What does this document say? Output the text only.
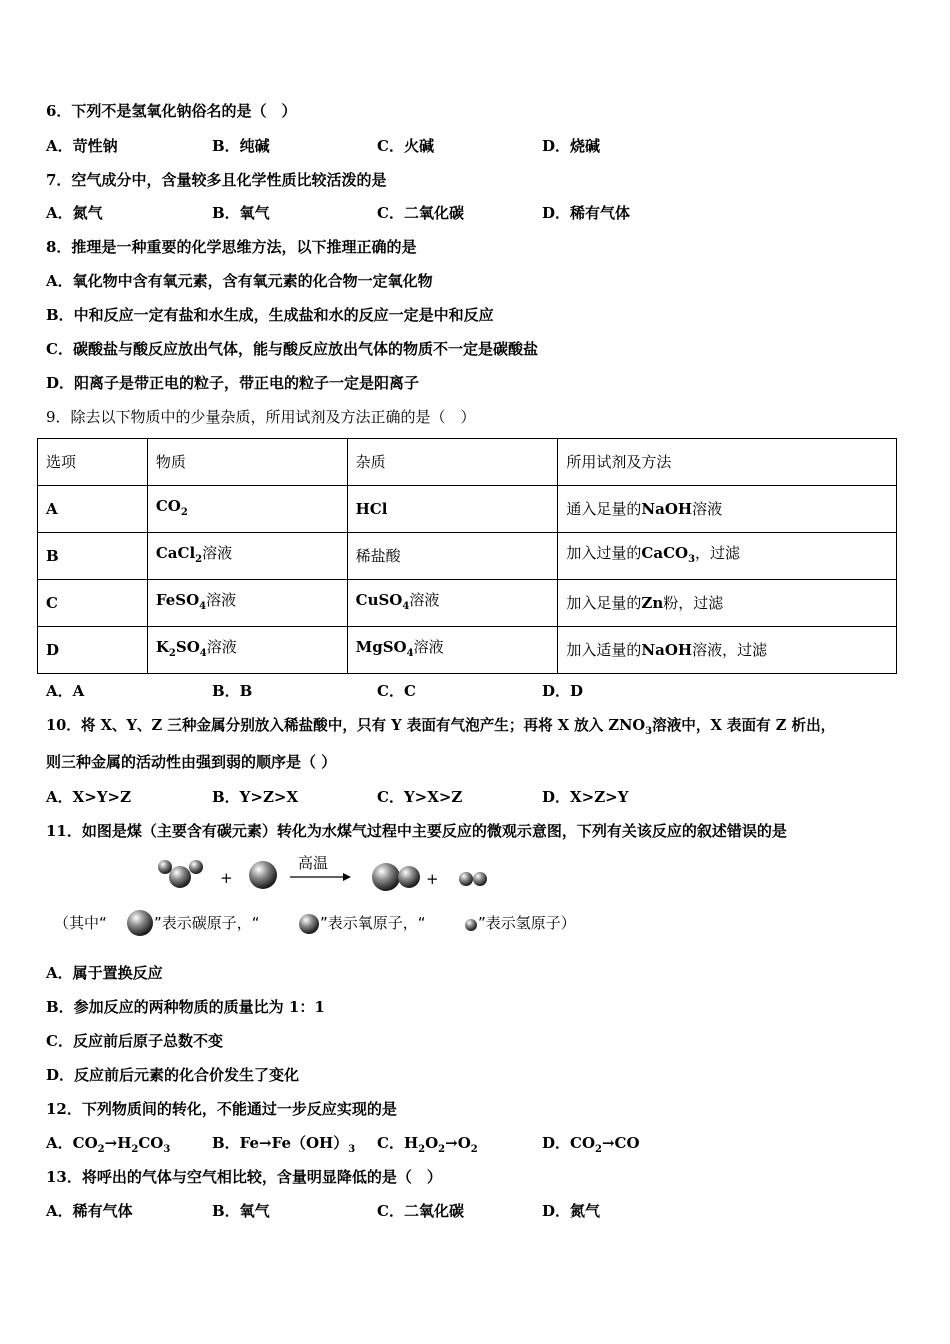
6．下列不是氢氧化钠俗名的是（　）
A．苛性钠	B．纯碱	C．火碱	D．烧碱
7．空气成分中，含量较多且化学性质比较活泼的是
A．氮气	B．氧气	C．二氧化碳	D．稀有气体
8．推理是一种重要的化学思维方法，以下推理正确的是
A．氧化物中含有氧元素，含有氧元素的化合物一定氧化物
B．中和反应一定有盐和水生成，生成盐和水的反应一定是中和反应
C．碳酸盐与酸反应放出气体，能与酸反应放出气体的物质不一定是碳酸盐
D．阳离子是带正电的粒子，带正电的粒子一定是阳离子
9．除去以下物质中的少量杂质，所用试剂及方法正确的是（　）
选项	物质	杂质	所用试剂及方法
A	$CO_2$	HCl	通入足量的NaOH溶液
B	CaCl$_2$溶液	稀盐酸	加入过量的CaCO$_3$，过滤
C	FeSO$_4$溶液	CuSO$_4$溶液	加入足量的Zn粉，过滤
D	$K_2SO_4$溶液	MgSO$_4$溶液	加入适量的NaOH溶液，过滤
A．A	B．B	C．C	D．D
10．将 X、Y、Z 三种金属分别放入稀盐酸中，只有 Y 表面有气泡产生；再将 X 放入 $ZNO_3$溶液中，X 表面有 Z 析出，
则三种金属的活动性由强到弱的顺序是（ ）
A．X>Y>Z	B．Y>Z>X	C．Y>X>Z	D．X>Z>Y
11．如图是煤（主要含有碳元素）转化为水煤气过程中主要反应的微观示意图，下列有关该反应的叙述错误的是
+
高温
+
（其中“	”表示碳原子，“	”表示氧原子，“	”表示氢原子）
A．属于置换反应
B．参加反应的两种物质的质量比为 1：1
C．反应前后原子总数不变
D．反应前后元素的化合价发生了变化
12．下列物质间的转化，不能通过一步反应实现的是
A．$CO_2\to H_2CO_3$	B．$Fe\to Fe(OH)_3$ C．$H_2O_2\to O_2$	D．$CO_2\to CO$
13．将呼出的气体与空气相比较，含量明显降低的是（　）
A．稀有气体	B．氧气	C．二氧化碳	D．氮气
